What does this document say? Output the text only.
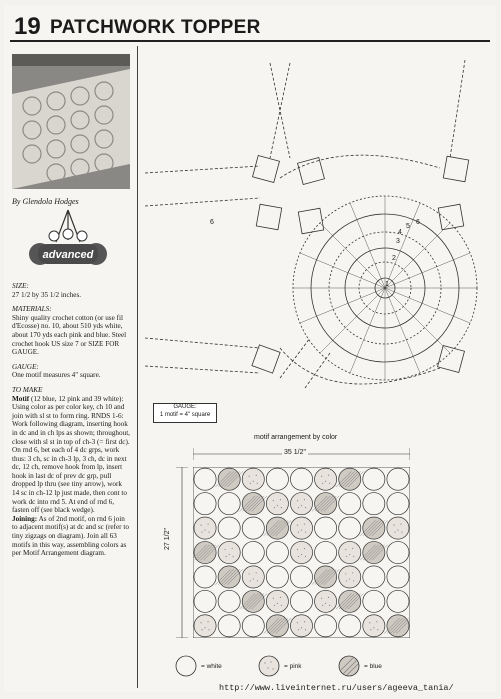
19 PATCHWORK TOPPER
By Glendola Hodges
advanced

SIZE:

27 1/2 by 35 1/2 inches.

MATERIALS:

Shiny quality crochet cotton (or use fil d'Ecosse) no. 10, about 510 yds white, about 170 yds each pink and blue. Steel crochet hook US size 7 or SIZE FOR GAUGE.

GAUGE:

One motif measures 4" square.

TO MAKE

Motif (12 blue, 12 pink and 39 white): Using color as per color key, ch 10 and join with sl st to form ring. RNDS 1-6: Work following diagram, inserting hook in dc and in ch lps as shown; throughout, close with sl st in top of ch-3 (= first dc). On rnd 6, bet each of 4 dc grps, work thus: 3 ch, sc in ch-3 lp, 3 ch, dc in next dc, 12 ch, remove hook from lp, insert hook in last dc of prev dc grp, pull dropped lp thru (see tiny arrow), work 14 sc in ch-12 lp just made, then cont to work dc into rnd 5. At end of rnd 6, fasten off (see black wedge).

Joining: As of 2nd motif, on rnd 6 join to adjacent motif(s) at dc and sc (refer to tiny zigzags on diagram). Join all 63 motifs in this way, assembling colors as per Motif Arrangement diagram.

1
2
3
4
5
6
6
GAUGE:
1 motif = 4" square
motif arrangement by color
35 1/2"
27 1/2"
= white	= pink	= blue
http://www.liveinternet.ru/users/ageeva_tania/
